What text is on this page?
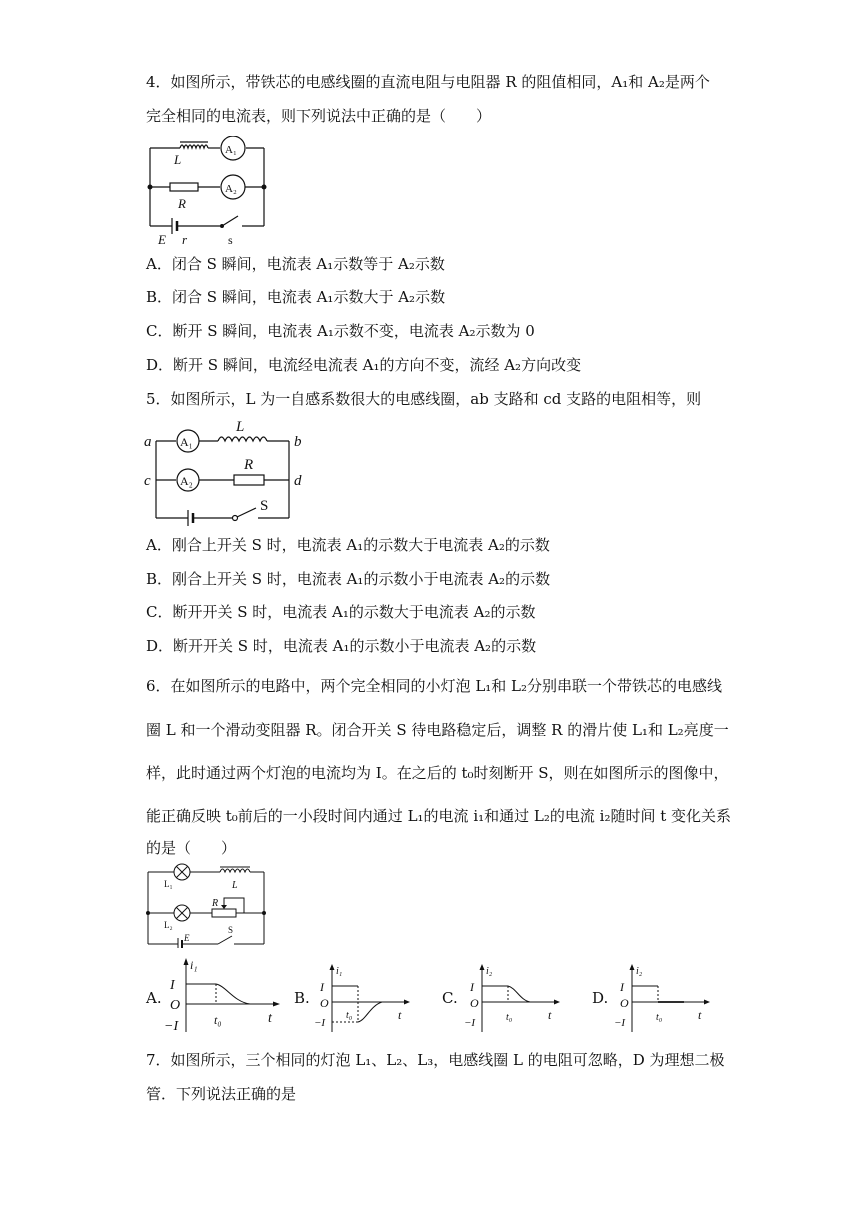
4．如图所示，带铁芯的电感线圈的直流电阻与电阻器 R 的阻值相同，A₁和 A₂是两个
完全相同的电流表，则下列说法中正确的是（　　）
L
A₁
A₂
R
E r	s
A．闭合 S 瞬间，电流表 A₁示数等于 A₂示数
B．闭合 S 瞬间，电流表 A₁示数大于 A₂示数
C．断开 S 瞬间，电流表 A₁示数不变，电流表 A₂示数为 0
D．断开 S 瞬间，电流经电流表 A₁的方向不变，流经 A₂方向改变
5．如图所示，L 为一自感系数很大的电感线圈，ab 支路和 cd 支路的电阻相等，则
a	b
c	d
L
R
A₁
A₂
S
A．刚合上开关 S 时，电流表 A₁的示数大于电流表 A₂的示数
B．刚合上开关 S 时，电流表 A₁的示数小于电流表 A₂的示数
C．断开开关 S 时，电流表 A₁的示数大于电流表 A₂的示数
D．断开开关 S 时，电流表 A₁的示数小于电流表 A₂的示数
6．在如图所示的电路中，两个完全相同的小灯泡 L₁和 L₂分别串联一个带铁芯的电感线
圈 L 和一个滑动变阻器 R。闭合开关 S 待电路稳定后，调整 R 的滑片使 L₁和 L₂亮度一
样，此时通过两个灯泡的电流均为 I。在之后的 t₀时刻断开 S，则在如图所示的图像中，
能正确反映 t₀前后的一小段时间内通过 L₁的电流 i₁和通过 L₂的电流 i₂随时间 t 变化关系
的是（　　）
L₁	L
L₂
R
E
S
A.
i₁
I
O
−I	t₀	t
B.
i₁
I
O
−I
t₀	t
C.
i₂
I
O
−I	t₀	t
D.
i₂
I
O
−I	t₀	t
7．如图所示，三个相同的灯泡 L₁、L₂、L₃，电感线圈 L 的电阻可忽略，D 为理想二极
管．下列说法正确的是
